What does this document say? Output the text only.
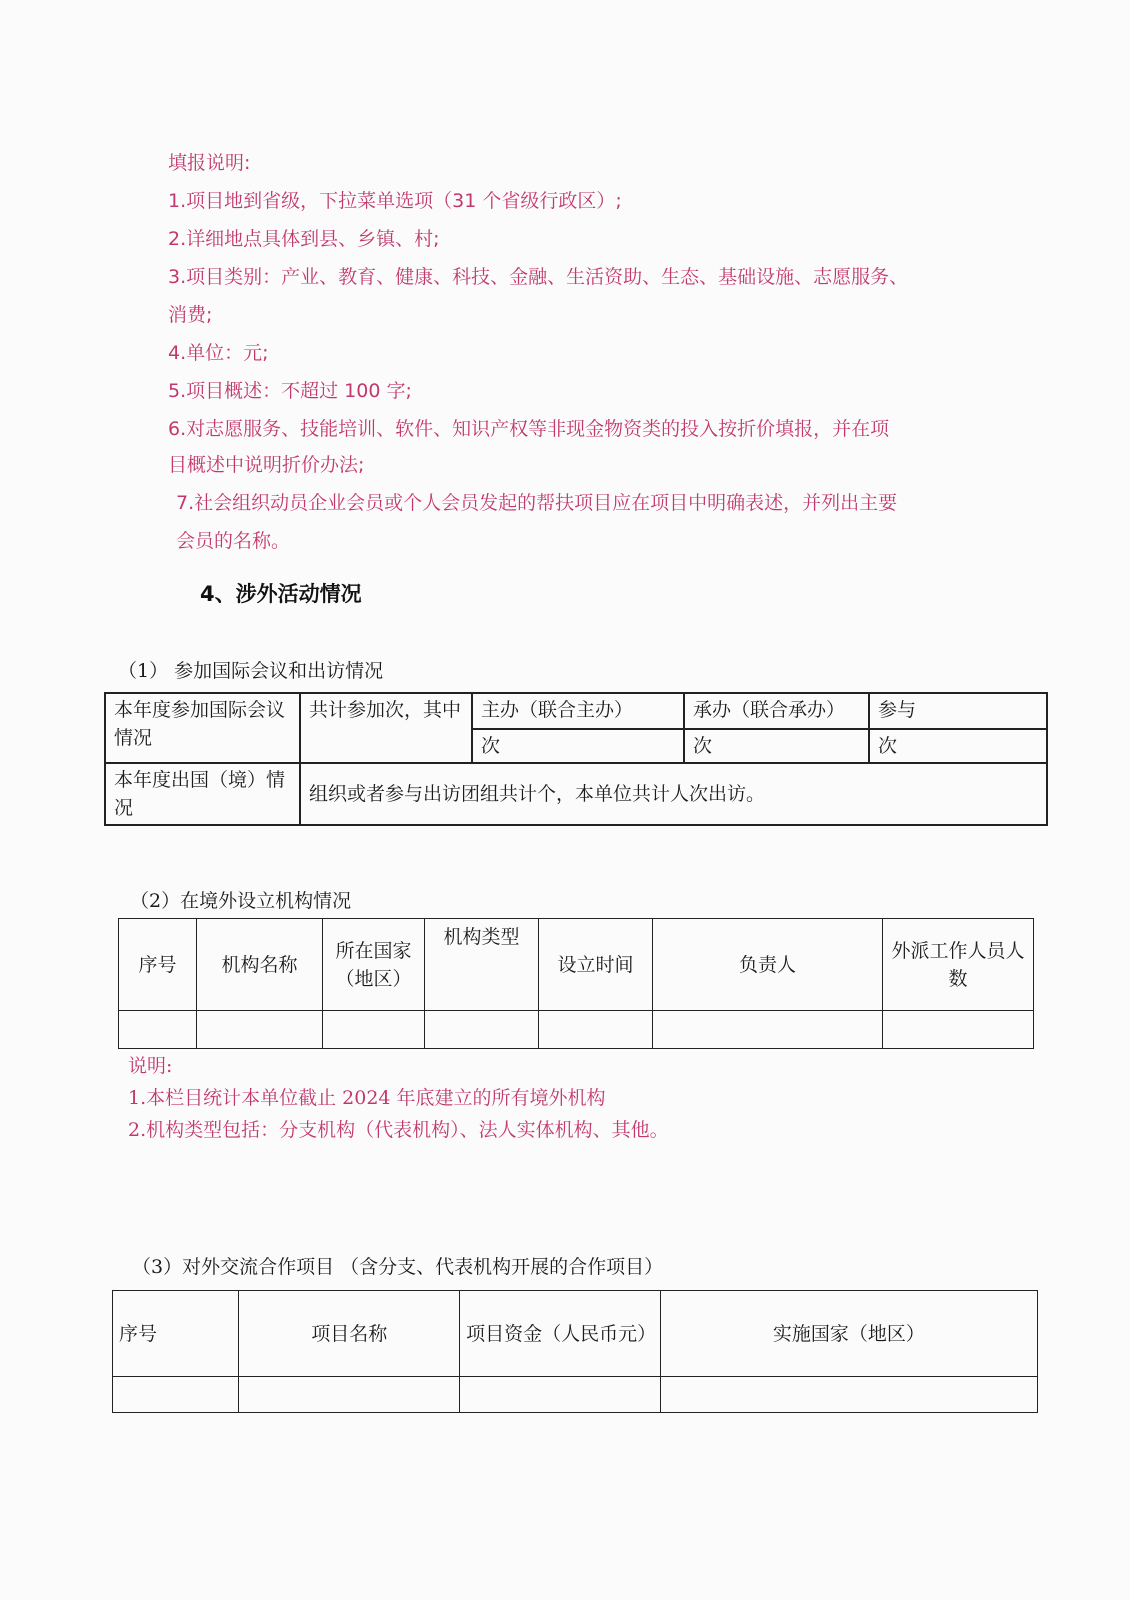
填报说明:

1.项目地到省级，下拉菜单选项（31 个省级行政区）;

2.详细地点具体到县、乡镇、村;

3.项目类别：产业、教育、健康、科技、金融、生活资助、生态、基础设施、志愿服务、

消费;

4.单位：元;

5.项目概述：不超过 100 字;

6.对志愿服务、技能培训、软件、知识产权等非现金物资类的投入按折价填报，并在项

目概述中说明折价办法;

7.社会组织动员企业会员或个人会员发起的帮扶项目应在项目中明确表述，并列出主要

会员的名称。

4、涉外活动情况
（1） 参加国际会议和出访情况
本年度参加国际会议情况	共计参加次，其中	主办（联合主办）	承办（联合承办）	参与
		次	次	次
本年度出国（境）情况	组织或者参与出访团组共计个，本单位共计人次出访。			
（2）在境外设立机构情况
序号	机构名称	所在国家（地区）	机构类型	设立时间	负责人	外派工作人员人数

说明:

1.本栏目统计本单位截止 2024 年底建立的所有境外机构

2.机构类型包括：分支机构（代表机构）、法人实体机构、其他。

（3）对外交流合作项目 （含分支、代表机构开展的合作项目）
序号	项目名称	项目资金（人民币元）	实施国家（地区）
